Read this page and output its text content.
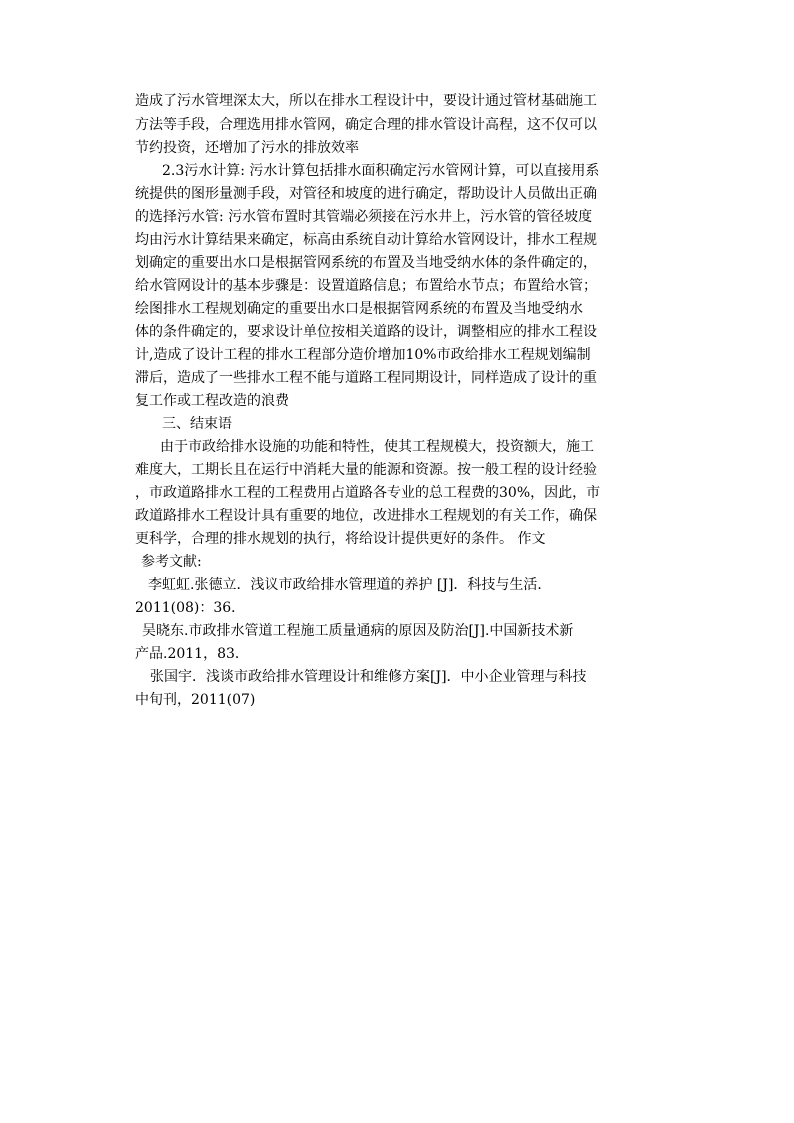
造成了污水管埋深太大，所以在排水工程设计中，要设计通过管材基础施工
方法等手段，合理选用排水管网，确定合理的排水管设计高程，这不仅可以
节约投资，还增加了污水的排放效率
2.3污水计算: 污水计算包括排水面积确定污水管网计算，可以直接用系
统提供的图形量测手段，对管径和坡度的进行确定，帮助设计人员做出正确
的选择污水管: 污水管布置时其管端必须接在污水井上，污水管的管径坡度
均由污水计算结果来确定，标高由系统自动计算给水管网设计，排水工程规
划确定的重要出水口是根据管网系统的布置及当地受纳水体的条件确定的，
给水管网设计的基本步骤是：设置道路信息；布置给水节点；布置给水管；
绘图排水工程规划确定的重要出水口是根据管网系统的布置及当地受纳水
体的条件确定的，要求设计单位按相关道路的设计，调整相应的排水工程设
计,造成了设计工程的排水工程部分造价增加10%市政给排水工程规划编制
滞后，造成了一些排水工程不能与道路工程同期设计，同样造成了设计的重
复工作或工程改造的浪费
三、结束语
由于市政给排水设施的功能和特性，使其工程规模大，投资额大，施工
难度大，工期长且在运行中消耗大量的能源和资源。按一般工程的设计经验
，市政道路排水工程的工程费用占道路各专业的总工程费的30%，因此，市
政道路排水工程设计具有重要的地位，改进排水工程规划的有关工作，确保
更科学，合理的排水规划的执行，将给设计提供更好的条件。 作文
参考文献:
李虹虹.张德立．浅议市政给排水管理道的养护 [J]．科技与生活．
2011(08)：36．
吴晓东.市政排水管道工程施工质量通病的原因及防治[J].中国新技术新
产品.2011，83．
张国宇．浅谈市政给排水管理设计和维修方案[J]．中小企业管理与科技
中旬刊，2011(07)
